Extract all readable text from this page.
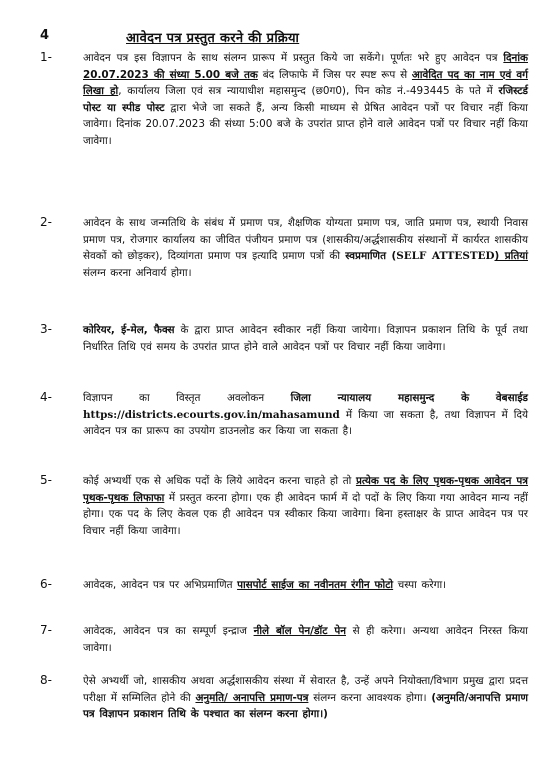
4	आवेदन पत्र प्रस्तुत करने की प्रक्रिया
1-	आवेदन पत्र इस विज्ञापन के साथ संलग्न प्रारूप में प्रस्तुत किये जा सकेंगे। पूर्णतः भरे हुए आवेदन पत्र दिनांक 20.07.2023 की संध्या 5.00 बजे तक बंद लिफाफे में जिस पर स्पष्ट रूप से आवेदित पद का नाम एवं वर्ग लिखा हो, कार्यालय जिला एवं सत्र न्यायाधीश महासमुन्द (छ0ग0), पिन कोड नं.-493445 के पते में रजिस्टर्ड पोस्ट या स्पीड पोस्ट द्वारा भेजे जा सकते हैं, अन्य किसी माध्यम से प्रेषित आवेदन पत्रों पर विचार नहीं किया जावेगा। दिनांक 20.07.2023 की संध्या 5:00 बजे के उपरांत प्राप्त होने वाले आवेदन पत्रों पर विचार नहीं किया जावेगा।
2-	आवेदन के साथ जन्मतिथि के संबंध में प्रमाण पत्र, शैक्षणिक योग्यता प्रमाण पत्र, जाति प्रमाण पत्र, स्थायी निवास प्रमाण पत्र, रोजगार कार्यालय का जीवित पंजीयन प्रमाण पत्र (शासकीय/अर्द्धशासकीय संस्थानों में कार्यरत शासकीय सेवकों को छोड़कर), दिव्यांगता प्रमाण पत्र इत्यादि प्रमाण पत्रों की स्वप्रमाणित (SELF ATTESTED) प्रतियां संलग्न करना अनिवार्य होगा।
3-	कोरियर, ई-मेल, फैक्स के द्वारा प्राप्त आवेदन स्वीकार नहीं किया जायेगा। विज्ञापन प्रकाशन तिथि के पूर्व तथा निर्धारित तिथि एवं समय के उपरांत प्राप्त होने वाले आवेदन पत्रों पर विचार नहीं किया जावेगा।
4-	विज्ञापन का विस्तृत अवलोकन जिला न्यायालय महासमुन्द के वेबसाईड https://districts.ecourts.gov.in/mahasamund में किया जा सकता है, तथा विज्ञापन में दिये आवेदन पत्र का प्रारूप का उपयोग डाउनलोड कर किया जा सकता है।
5-	कोई अभ्यर्थी एक से अधिक पदों के लिये आवेदन करना चाहते हो तो प्रत्येक पद के लिए पृथक-पृथक आवेदन पत्र पृथक-पृथक लिफाफा में प्रस्तुत करना होगा। एक ही आवेदन फार्म में दो पदों के लिए किया गया आवेदन मान्य नहीं होगा। एक पद के लिए केवल एक ही आवेदन पत्र स्वीकार किया जावेगा। बिना हस्ताक्षर के प्राप्त आवेदन पत्र पर विचार नहीं किया जावेगा।
6-	आवेदक, आवेदन पत्र पर अभिप्रमाणित पासपोर्ट साईज का नवीनतम रंगीन फोटो चस्पा करेगा।
7-	आवेदक, आवेदन पत्र का सम्पूर्ण इन्द्राज नीले बॉल पेन/डॉट पेन से ही करेगा। अन्यथा आवेदन निरस्त किया जावेगा।
8-	ऐसे अभ्यर्थी जो, शासकीय अथवा अर्द्धशासकीय संस्था में सेवारत है, उन्हें अपने नियोक्ता/विभाग प्रमुख द्वारा प्रदत्त परीक्षा में सम्मिलित होने की अनुमति/ अनापत्ति प्रमाण-पत्र संलग्न करना आवश्यक होगा। (अनुमति/अनापत्ति प्रमाण पत्र विज्ञापन प्रकाशन तिथि के पश्चात का संलग्न करना होगा।)
